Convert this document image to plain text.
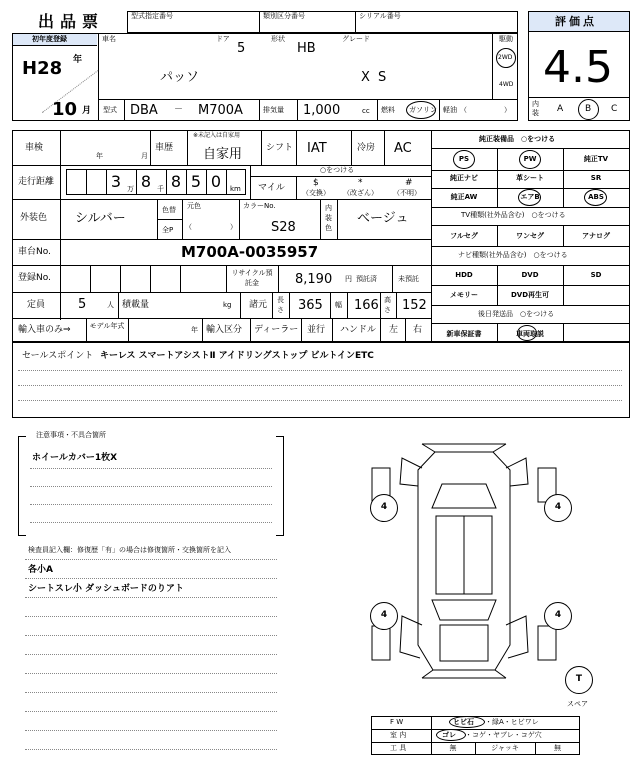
出品票	型式指定番号	類別区分番号	シリアル番号	評価点
4.5
内装 A B C
初年度登録
H28 年
10 月
車名
パッソ
ドア
5
形状
HB
グレード
X S
駆動
2WD
4WD
型式 DBA － M700A	排気量 1,000	cc 燃料 ガソリン 軽油 （	）
車検
年	月
車歴
※未記入は自家用
自家用	シフト IAT	冷房 AC
走行距離	3 万 8 千 8 5 0	km
○をつける
マイル	$
（交換）
*
（改ざん）
#
（不明）
外装色 シルバー
色替
全P
元色
（	）
カラーNo.
S28
内装色
ベージュ
車台No.	M700A-0035957
登録No.	リサイクル預託金	8,190 円 預託済	未預託
定員	5	人 積載量	kg 諸元 長さ 365 幅 166 高さ 152
輸入車のみ⇒	モデル年式	年 輸入区分 ディーラー 並行 ハンドル 左 右
純正装備品　○をつける
PS	PW	純正TV
純正ナビ	革シート	SR
純正AW	エアB	ABS
TV種類(社外品含む)　○をつける
フルセグ	ワンセグ	アナログ
ナビ種類(社外品含む)　○をつける
HDD	DVD	SD
メモリー	DVD再生可
後日発送品　○をつける
新車保証書	車両取説
セールスポイント キーレス スマートアシストⅡ アイドリングストップ ビルトインETC
注意事項・不具合箇所
ホイールカバー1枚X
検査員記入欄：修復歴「有」の場合は修復箇所・交換箇所を記入
各小A
シートスレ小 ダッシュボードのりアト
4	4
4	4
T
スペア
F W	ヒビ石 ・緑A・ヒビワレ
室 内	ゴレ ・コゲ・ヤブレ・コゲ穴
工 具	無	ジャッキ	無
